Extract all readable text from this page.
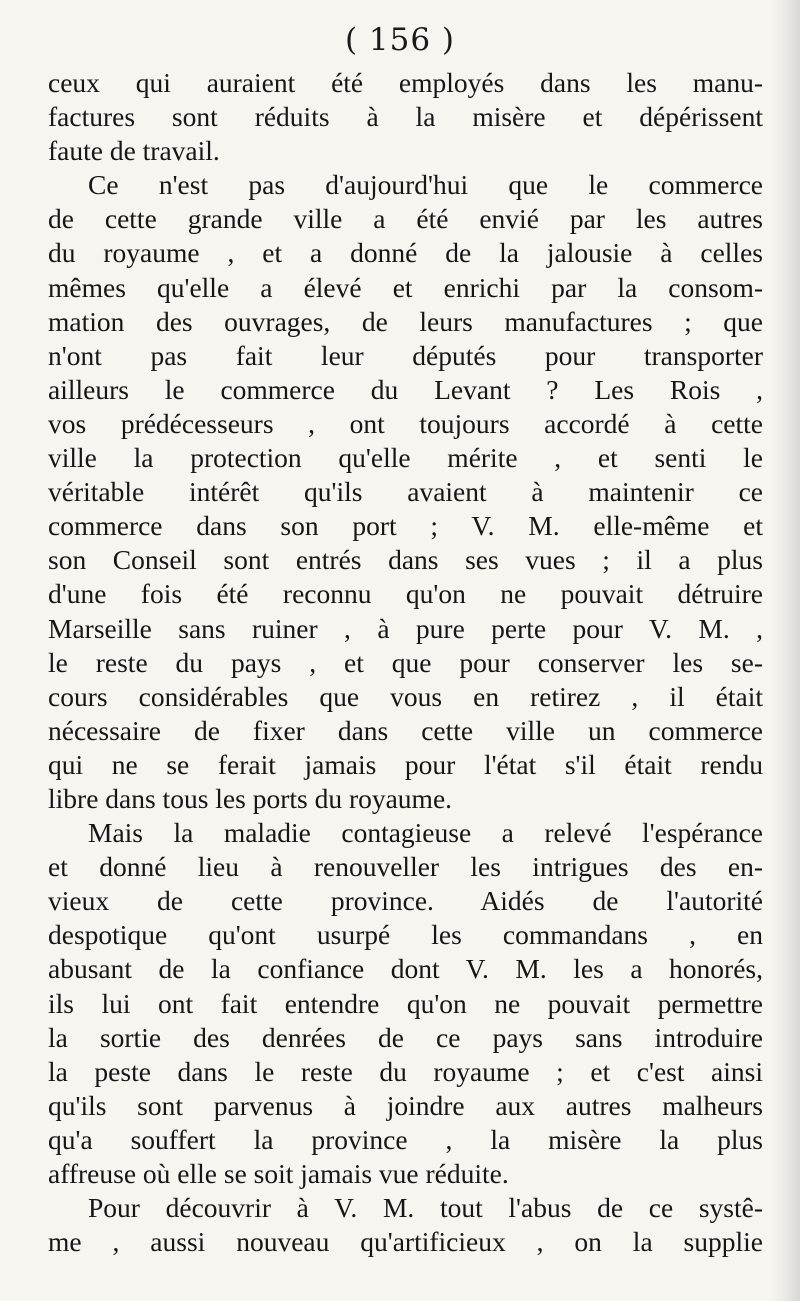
( 156 )
ceux qui auraient été employés dans les manu-
factures sont réduits à la misère et dépérissent
faute de travail.
Ce n'est pas d'aujourd'hui que le commerce
de cette grande ville a été envié par les autres
du royaume , et a donné de la jalousie à celles
mêmes qu'elle a élevé et enrichi par la consom-
mation des ouvrages, de leurs manufactures ; que
n'ont pas fait leur députés pour transporter
ailleurs le commerce du Levant ? Les Rois ,
vos prédécesseurs , ont toujours accordé à cette
ville la protection qu'elle mérite , et senti le
véritable intérêt qu'ils avaient à maintenir ce
commerce dans son port ; V. M. elle-même et
son Conseil sont entrés dans ses vues ; il a plus
d'une fois été reconnu qu'on ne pouvait détruire
Marseille sans ruiner , à pure perte pour V. M. ,
le reste du pays , et que pour conserver les se-
cours considérables que vous en retirez , il était
nécessaire de fixer dans cette ville un commerce
qui ne se ferait jamais pour l'état s'il était rendu
libre dans tous les ports du royaume.
Mais la maladie contagieuse a relevé l'espérance
et donné lieu à renouveller les intrigues des en-
vieux de cette province. Aidés de l'autorité
despotique qu'ont usurpé les commandans , en
abusant de la confiance dont V. M. les a honorés,
ils lui ont fait entendre qu'on ne pouvait permettre
la sortie des denrées de ce pays sans introduire
la peste dans le reste du royaume ; et c'est ainsi
qu'ils sont parvenus à joindre aux autres malheurs
qu'a souffert la province , la misère la plus
affreuse où elle se soit jamais vue réduite.
Pour découvrir à V. M. tout l'abus de ce systê-
me , aussi nouveau qu'artificieux , on la supplie
